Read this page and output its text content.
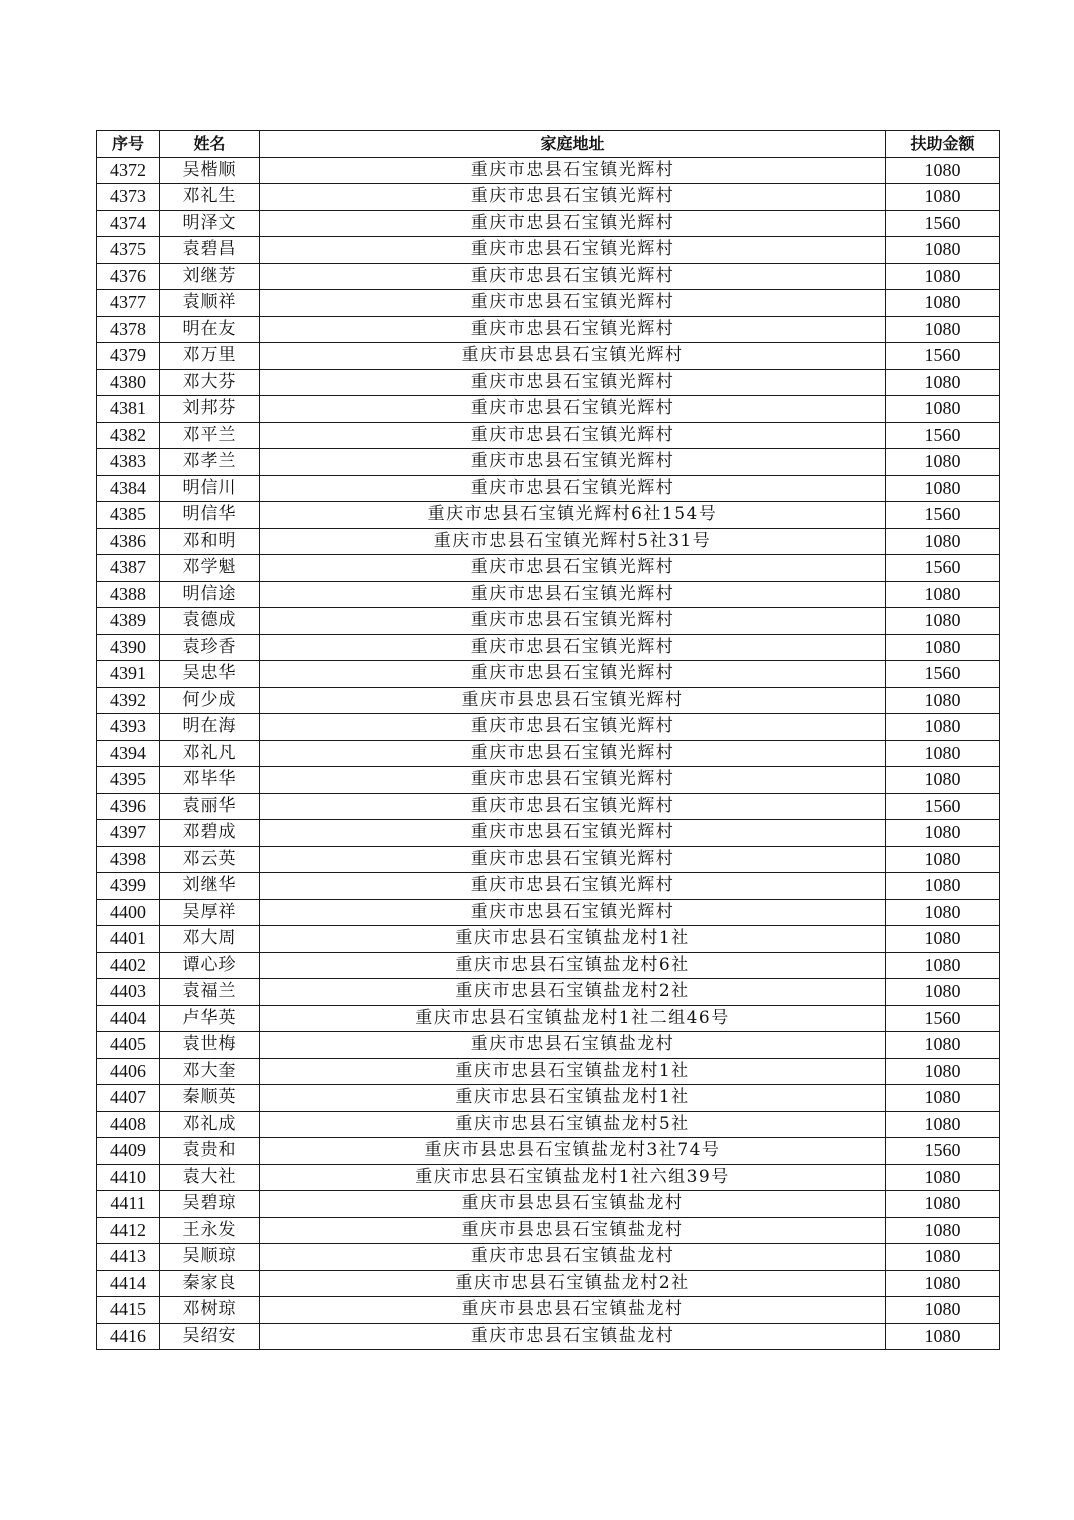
序号	姓名	家庭地址	扶助金额
4372	吴楷顺	重庆市忠县石宝镇光辉村	1080
4373	邓礼生	重庆市忠县石宝镇光辉村	1080
4374	明泽文	重庆市忠县石宝镇光辉村	1560
4375	袁碧昌	重庆市忠县石宝镇光辉村	1080
4376	刘继芳	重庆市忠县石宝镇光辉村	1080
4377	袁顺祥	重庆市忠县石宝镇光辉村	1080
4378	明在友	重庆市忠县石宝镇光辉村	1080
4379	邓万里	重庆市县忠县石宝镇光辉村	1560
4380	邓大芬	重庆市忠县石宝镇光辉村	1080
4381	刘邦芬	重庆市忠县石宝镇光辉村	1080
4382	邓平兰	重庆市忠县石宝镇光辉村	1560
4383	邓孝兰	重庆市忠县石宝镇光辉村	1080
4384	明信川	重庆市忠县石宝镇光辉村	1080
4385	明信华	重庆市忠县石宝镇光辉村6社154号	1560
4386	邓和明	重庆市忠县石宝镇光辉村5社31号	1080
4387	邓学魁	重庆市忠县石宝镇光辉村	1560
4388	明信途	重庆市忠县石宝镇光辉村	1080
4389	袁德成	重庆市忠县石宝镇光辉村	1080
4390	袁珍香	重庆市忠县石宝镇光辉村	1080
4391	吴忠华	重庆市忠县石宝镇光辉村	1560
4392	何少成	重庆市县忠县石宝镇光辉村	1080
4393	明在海	重庆市忠县石宝镇光辉村	1080
4394	邓礼凡	重庆市忠县石宝镇光辉村	1080
4395	邓毕华	重庆市忠县石宝镇光辉村	1080
4396	袁丽华	重庆市忠县石宝镇光辉村	1560
4397	邓碧成	重庆市忠县石宝镇光辉村	1080
4398	邓云英	重庆市忠县石宝镇光辉村	1080
4399	刘继华	重庆市忠县石宝镇光辉村	1080
4400	吴厚祥	重庆市忠县石宝镇光辉村	1080
4401	邓大周	重庆市忠县石宝镇盐龙村1社	1080
4402	谭心珍	重庆市忠县石宝镇盐龙村6社	1080
4403	袁福兰	重庆市忠县石宝镇盐龙村2社	1080
4404	卢华英	重庆市忠县石宝镇盐龙村1社二组46号	1560
4405	袁世梅	重庆市忠县石宝镇盐龙村	1080
4406	邓大奎	重庆市忠县石宝镇盐龙村1社	1080
4407	秦顺英	重庆市忠县石宝镇盐龙村1社	1080
4408	邓礼成	重庆市忠县石宝镇盐龙村5社	1080
4409	袁贵和	重庆市县忠县石宝镇盐龙村3社74号	1560
4410	袁大社	重庆市忠县石宝镇盐龙村1社六组39号	1080
4411	吴碧琼	重庆市县忠县石宝镇盐龙村	1080
4412	王永发	重庆市县忠县石宝镇盐龙村	1080
4413	吴顺琼	重庆市忠县石宝镇盐龙村	1080
4414	秦家良	重庆市忠县石宝镇盐龙村2社	1080
4415	邓树琼	重庆市县忠县石宝镇盐龙村	1080
4416	吴绍安	重庆市忠县石宝镇盐龙村	1080
